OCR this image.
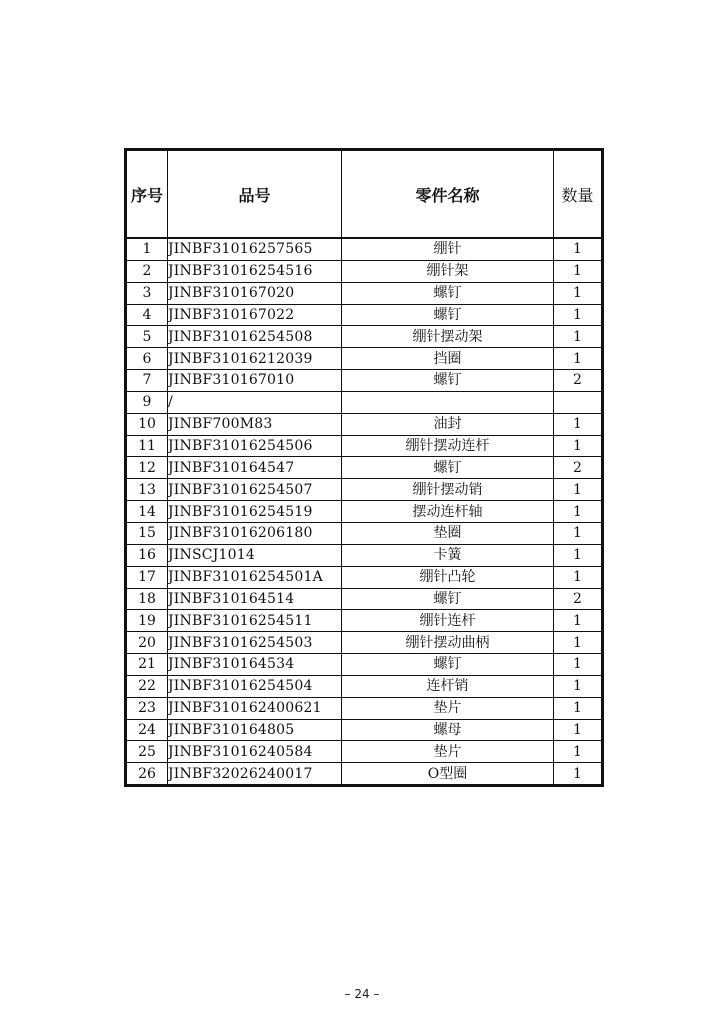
序号	品号	零件名称	数量
1	JINBF31016257565	绷针	1
2	JINBF31016254516	绷针架	1
3	JINBF310167020	螺钉	1
4	JINBF310167022	螺钉	1
5	JINBF31016254508	绷针摆动架	1
6	JINBF31016212039	挡圈	1
7	JINBF310167010	螺钉	2
9	/		
10	JINBF700M83	油封	1
11	JINBF31016254506	绷针摆动连杆	1
12	JINBF310164547	螺钉	2
13	JINBF31016254507	绷针摆动销	1
14	JINBF31016254519	摆动连杆轴	1
15	JINBF31016206180	垫圈	1
16	JINSCJ1014	卡簧	1
17	JINBF31016254501A	绷针凸轮	1
18	JINBF310164514	螺钉	2
19	JINBF31016254511	绷针连杆	1
20	JINBF31016254503	绷针摆动曲柄	1
21	JINBF310164534	螺钉	1
22	JINBF31016254504	连杆销	1
23	JINBF310162400621	垫片	1
24	JINBF310164805	螺母	1
25	JINBF31016240584	垫片	1
26	JINBF32026240017	O型圈	1
– 24 –
